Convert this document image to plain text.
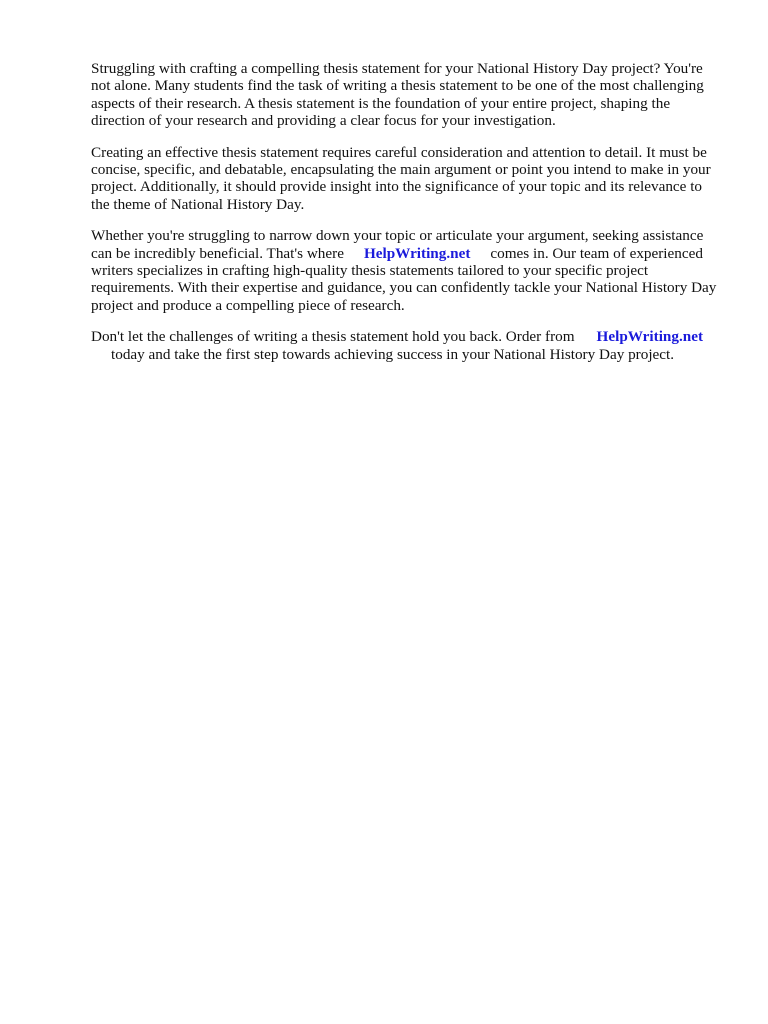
Struggling with crafting a compelling thesis statement for your National History Day project? You're not alone. Many students find the task of writing a thesis statement to be one of the most challenging aspects of their research. A thesis statement is the foundation of your entire project, shaping the direction of your research and providing a clear focus for your investigation.

Creating an effective thesis statement requires careful consideration and attention to detail. It must be concise, specific, and debatable, encapsulating the main argument or point you intend to make in your project. Additionally, it should provide insight into the significance of your topic and its relevance to the theme of National History Day.

Whether you're struggling to narrow down your topic or articulate your argument, seeking assistance can be incredibly beneficial. That's where HelpWriting.net comes in. Our team of experienced writers specializes in crafting high-quality thesis statements tailored to your specific project requirements. With their expertise and guidance, you can confidently tackle your National History Day project and produce a compelling piece of research.

Don't let the challenges of writing a thesis statement hold you back. Order from HelpWriting.net
today and take the first step towards achieving success in your National History Day project.
